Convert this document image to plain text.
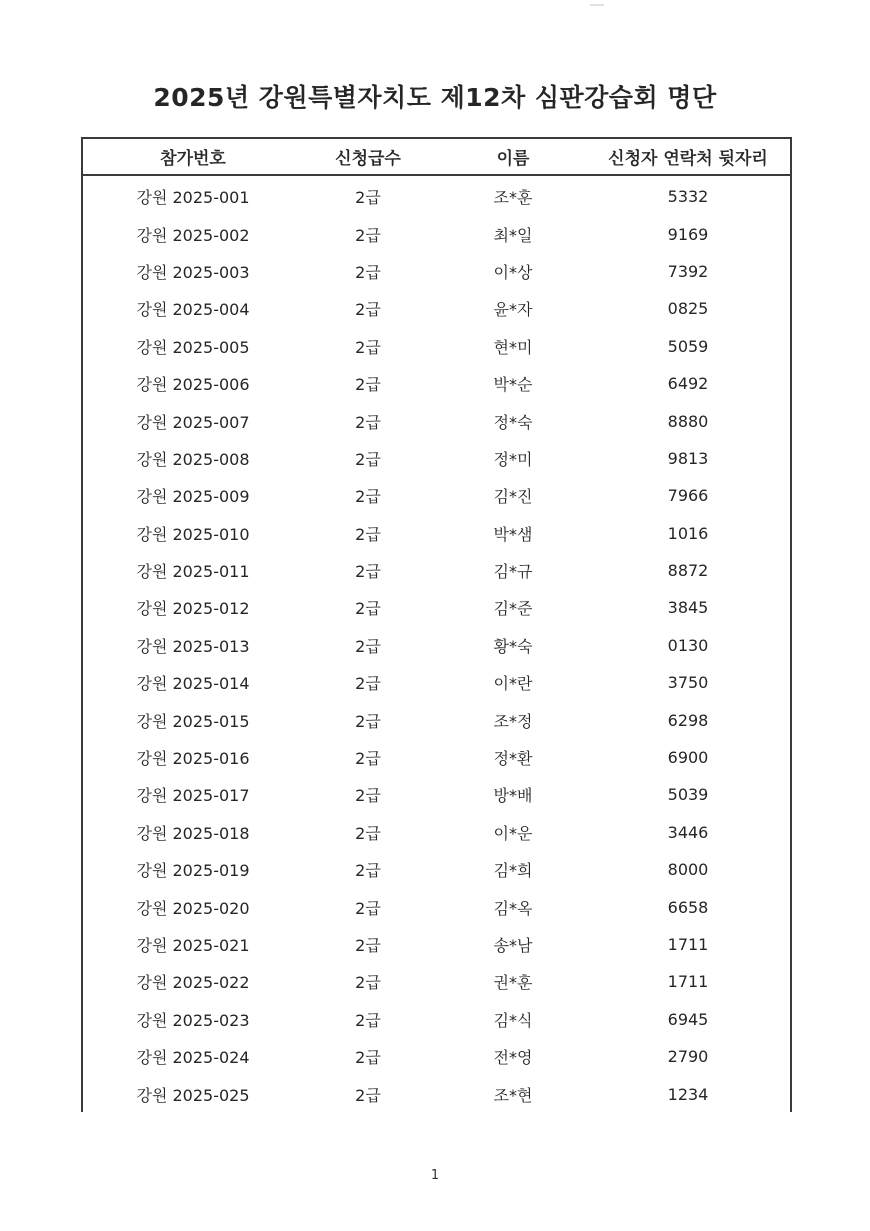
2025년 강원특별자치도 제12차 심판강습회 명단
참가번호	신청급수	이름	신청자 연락처 뒷자리
강원 2025-001	2급	조*훈	5332
강원 2025-002	2급	최*일	9169
강원 2025-003	2급	이*상	7392
강원 2025-004	2급	윤*자	0825
강원 2025-005	2급	현*미	5059
강원 2025-006	2급	박*순	6492
강원 2025-007	2급	정*숙	8880
강원 2025-008	2급	정*미	9813
강원 2025-009	2급	김*진	7966
강원 2025-010	2급	박*샘	1016
강원 2025-011	2급	김*규	8872
강원 2025-012	2급	김*준	3845
강원 2025-013	2급	황*숙	0130
강원 2025-014	2급	이*란	3750
강원 2025-015	2급	조*정	6298
강원 2025-016	2급	정*환	6900
강원 2025-017	2급	방*배	5039
강원 2025-018	2급	이*운	3446
강원 2025-019	2급	김*희	8000
강원 2025-020	2급	김*옥	6658
강원 2025-021	2급	송*남	1711
강원 2025-022	2급	권*훈	1711
강원 2025-023	2급	김*식	6945
강원 2025-024	2급	전*영	2790
강원 2025-025	2급	조*현	1234
1
